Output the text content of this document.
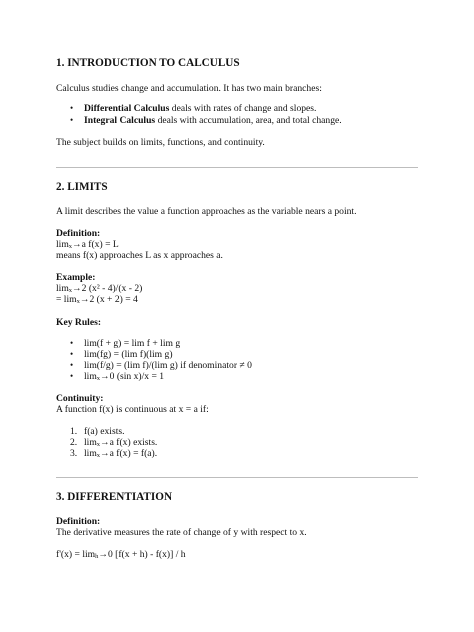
1. INTRODUCTION TO CALCULUS
Calculus studies change and accumulation. It has two main branches:
• Differential Calculus deals with rates of change and slopes.
• Integral Calculus deals with accumulation, area, and total change.
The subject builds on limits, functions, and continuity.
2. LIMITS
A limit describes the value a function approaches as the variable nears a point.
Definition:
$\lim_x\to a$ f(x) = L
means f(x) approaches L as x approaches a.
Example:
$\lim_x\to 2$ (x² - 4)/(x - 2)
= $\lim_x\to 2$ (x + 2) = 4
Key Rules:
• lim(f + g) = lim f + lim g
• lim(fg) = (lim f)(lim g)
• lim(f/g) = (lim f)/(lim g) if denominator ≠ 0
• $\lim_x\to 0$ (sin x)/x = 1
Continuity:
A function f(x) is continuous at x = a if:
1. f(a) exists.
2. $\lim_x\to a$ f(x) exists.
3. $\lim_x\to a$ f(x) = f(a).
3. DIFFERENTIATION
Definition:
The derivative measures the rate of change of y with respect to x.
$f'(x) = \lim_h\to 0$ [f(x + h) - f(x)] / h
